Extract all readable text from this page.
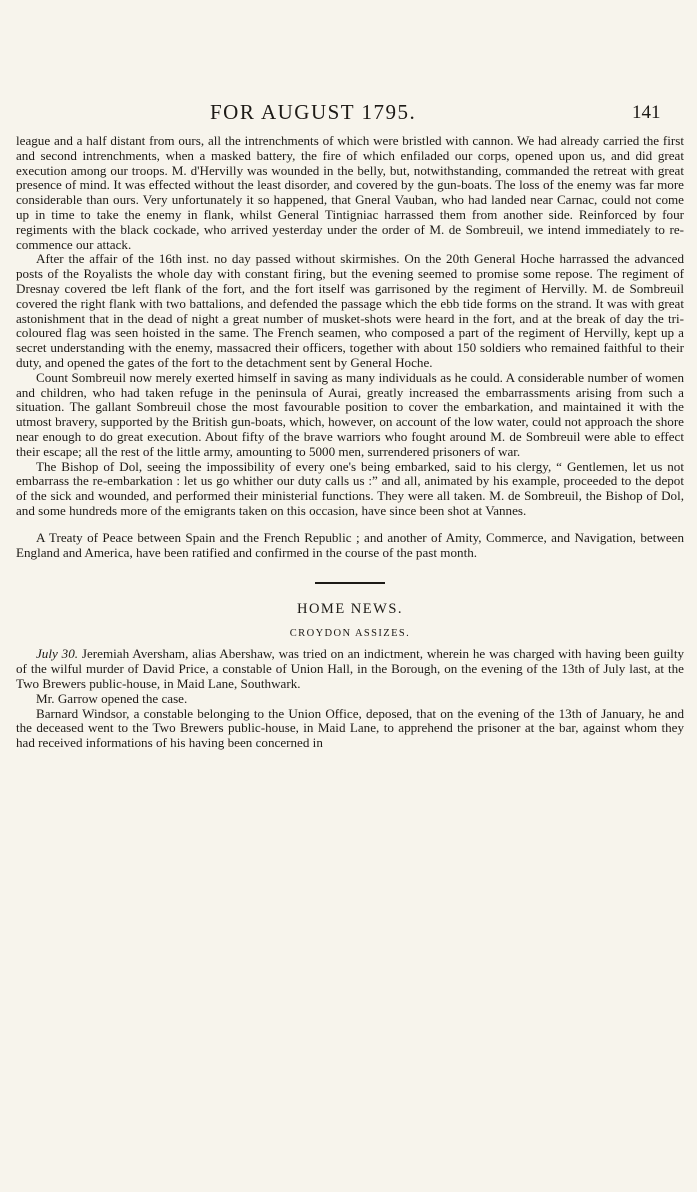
FOR AUGUST 1795.	141

league and a half distant from ours, all the intrenchments of which were bristled with cannon. We had already carried the first and second intrenchments, when a masked battery, the fire of which enfiladed our corps, opened upon us, and did great execution among our troops. M. d'Hervilly was wounded in the belly, but, notwithstanding, commanded the retreat with great presence of mind. It was effected without the least disorder, and covered by the gun-boats. The loss of the enemy was far more considerable than ours. Very unfortunately it so happened, that Gneral Vauban, who had landed near Carnac, could not come up in time to take the enemy in flank, whilst General Tintigniac harrassed them from another side. Reinforced by four regiments with the black cockade, who arrived yesterday under the order of M. de Sombreuil, we intend immediately to re-commence our attack.

After the affair of the 16th inst. no day passed without skirmishes. On the 20th General Hoche harrassed the advanced posts of the Royalists the whole day with constant firing, but the evening seemed to promise some repose. The regiment of Dresnay covered tbe left flank of the fort, and the fort itself was garrisoned by the regiment of Hervilly. M. de Sombreuil covered the right flank with two battalions, and defended the passage which the ebb tide forms on the strand. It was with great astonishment that in the dead of night a great number of musket-shots were heard in the fort, and at the break of day the tri-coloured flag was seen hoisted in the same. The French seamen, who composed a part of the regiment of Hervilly, kept up a secret understanding with the enemy, massacred their officers, together with about 150 soldiers who remained faithful to their duty, and opened the gates of the fort to the detachment sent by General Hoche.

Count Sombreuil now merely exerted himself in saving as many individuals as he could. A considerable number of women and children, who had taken refuge in the peninsula of Aurai, greatly increased the embarrassments arising from such a situation. The gallant Sombreuil chose the most favourable position to cover the embarkation, and maintained it with the utmost bravery, supported by the British gun-boats, which, however, on account of the low water, could not approach the shore near enough to do great execution. About fifty of the brave warriors who fought around M. de Sombreuil were able to effect their escape; all the rest of the little army, amounting to 5000 men, surrendered prisoners of war.

The Bishop of Dol, seeing the impossibility of every one's being embarked, said to his clergy, “ Gentlemen, let us not embarrass the re-embarkation : let us go whither our duty calls us :” and all, animated by his example, proceeded to the depot of the sick and wounded, and performed their ministerial functions. They were all taken. M. de Sombreuil, the Bishop of Dol, and some hundreds more of the emigrants taken on this occasion, have since been shot at Vannes.

A Treaty of Peace between Spain and the French Republic ; and another of Amity, Commerce, and Navigation, between England and America, have been ratified and confirmed in the course of the past month.

HOME NEWS.
CROYDON ASSIZES.

July 30. Jeremiah Aversham, alias Abershaw, was tried on an indictment, wherein he was charged with having been guilty of the wilful murder of David Price, a constable of Union Hall, in the Borough, on the evening of the 13th of July last, at the Two Brewers public-house, in Maid Lane, Southwark.

Mr. Garrow opened the case.

Barnard Windsor, a constable belonging to the Union Office, deposed, that on the evening of the 13th of January, he and the deceased went to the Two Brewers public-house, in Maid Lane, to apprehend the prisoner at the bar, against whom they had received informations of his having been concerned in
